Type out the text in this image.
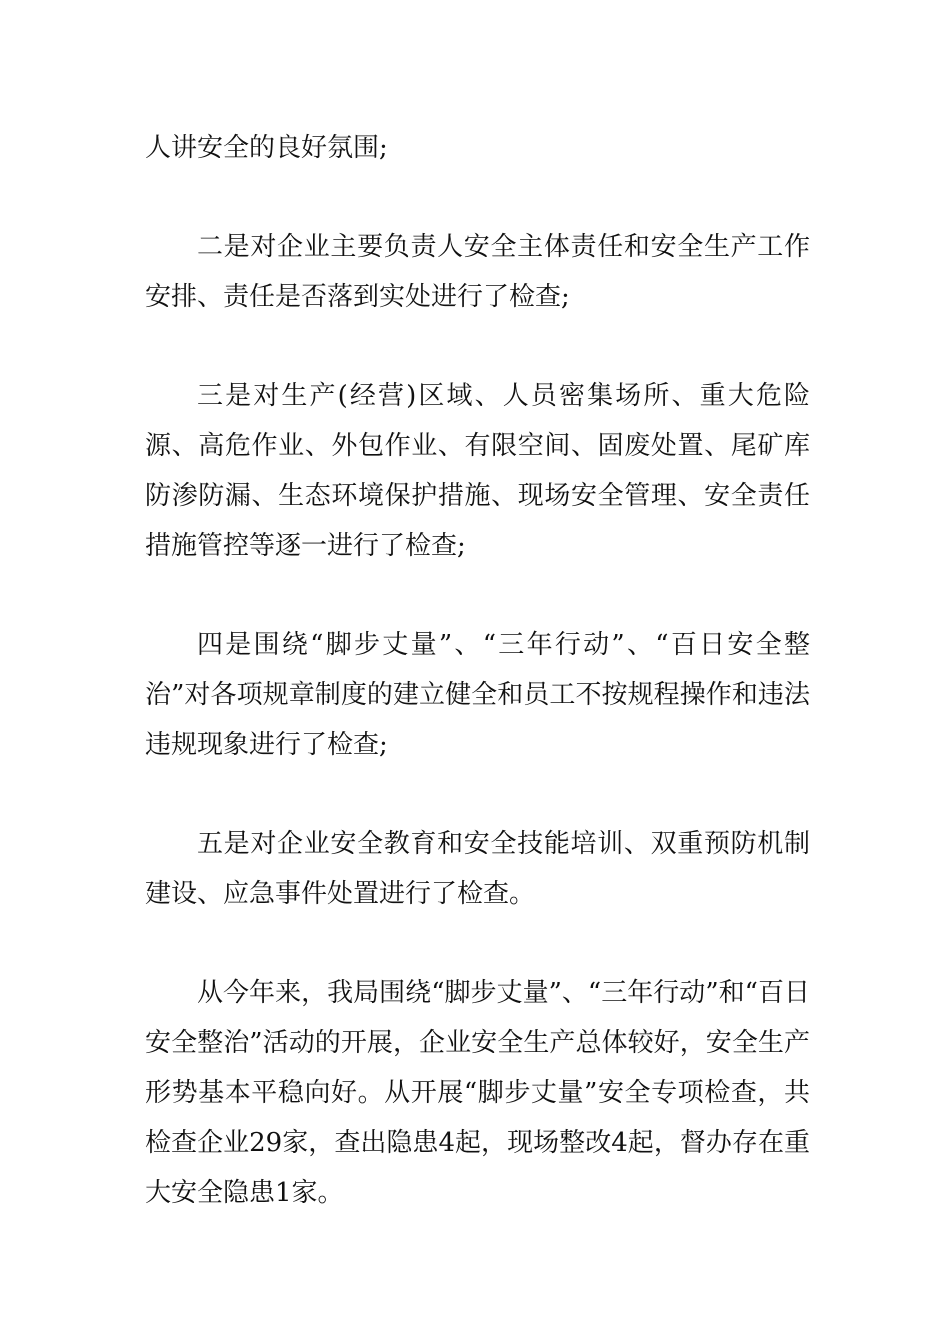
人讲安全的良好氛围;

二是对企业主要负责人安全主体责任和安全生产工作安排、责任是否落到实处进行了检查;

三是对生产(经营)区域、人员密集场所、重大危险源、高危作业、外包作业、有限空间、固废处置、尾矿库防渗防漏、生态环境保护措施、现场安全管理、安全责任措施管控等逐一进行了检查;

四是围绕“脚步丈量”、“三年行动”、“百日安全整治”对各项规章制度的建立健全和员工不按规程操作和违法违规现象进行了检查;

五是对企业安全教育和安全技能培训、双重预防机制建设、应急事件处置进行了检查。

从今年来，我局围绕“脚步丈量”、“三年行动”和“百日安全整治”活动的开展，企业安全生产总体较好，安全生产形势基本平稳向好。从开展“脚步丈量”安全专项检查，共检查企业29家，查出隐患4起，现场整改4起，督办存在重大安全隐患1家。
